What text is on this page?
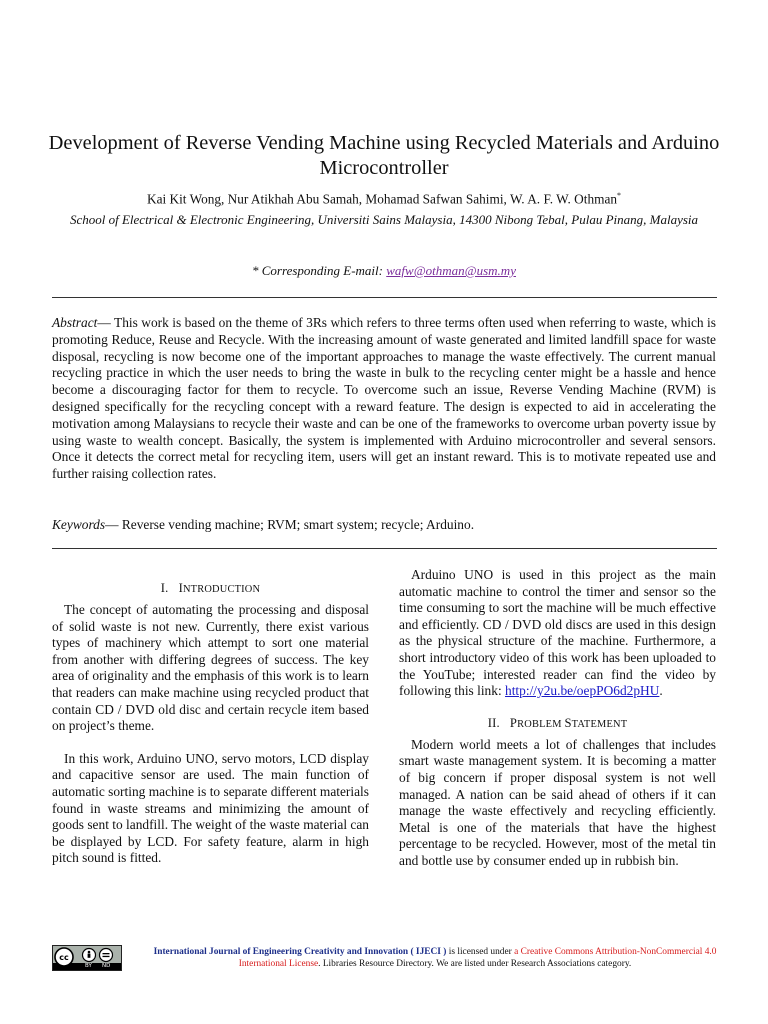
Development of Reverse Vending Machine using Recycled Materials and Arduino Microcontroller
Kai Kit Wong, Nur Atikhah Abu Samah, Mohamad Safwan Sahimi, W. A. F. W. Othman*
School of Electrical & Electronic Engineering, Universiti Sains Malaysia, 14300 Nibong Tebal, Pulau Pinang, Malaysia
* Corresponding E-mail: wafw@othman@usm.my
Abstract— This work is based on the theme of 3Rs which refers to three terms often used when referring to waste, which is promoting Reduce, Reuse and Recycle. With the increasing amount of waste generated and limited landfill space for waste disposal, recycling is now become one of the important approaches to manage the waste effectively. The current manual recycling practice in which the user needs to bring the waste in bulk to the recycling center might be a hassle and hence become a discouraging factor for them to recycle. To overcome such an issue, Reverse Vending Machine (RVM) is designed specifically for the recycling concept with a reward feature. The design is expected to aid in accelerating the motivation among Malaysians to recycle their waste and can be one of the frameworks to overcome urban poverty issue by using waste to wealth concept. Basically, the system is implemented with Arduino microcontroller and several sensors. Once it detects the correct metal for recycling item, users will get an instant reward. This is to motivate repeated use and further raising collection rates.
Keywords— Reverse vending machine; RVM; smart system; recycle; Arduino.
I. INTRODUCTION

The concept of automating the processing and disposal of solid waste is not new. Currently, there exist various types of machinery which attempt to sort one material from another with differing degrees of success. The key area of originality and the emphasis of this work is to learn that readers can make machine using recycled product that contain CD / DVD old disc and certain recycle item based on project’s theme.

In this work, Arduino UNO, servo motors, LCD display and capacitive sensor are used. The main function of automatic sorting machine is to separate different materials found in waste streams and minimizing the amount of goods sent to landfill. The weight of the waste material can be displayed by LCD. For safety feature, alarm in high pitch sound is fitted.

Arduino UNO is used in this project as the main automatic machine to control the timer and sensor so the time consuming to sort the machine will be much effective and efficiently. CD / DVD old discs are used in this design as the physical structure of the machine. Furthermore, a short introductory video of this work has been uploaded to the YouTube; interested reader can find the video by following this link: http://y2u.be/oepPO6d2pHU.

II. PROBLEM STATEMENT

Modern world meets a lot of challenges that includes smart waste management system. It is becoming a matter of big concern if proper disposal system is not well managed. A nation can be said ahead of others if it can manage the waste effectively and recycling efficiently. Metal is one of the materials that have the highest percentage to be recycled. However, most of the metal tin and bottle use by consumer ended up in rubbish bin.

cc
BY ND
International Journal of Engineering Creativity and Innovation ( IJECI ) is licensed under a Creative Commons Attribution-NonCommercial 4.0 International License. Libraries Resource Directory. We are listed under Research Associations category.
